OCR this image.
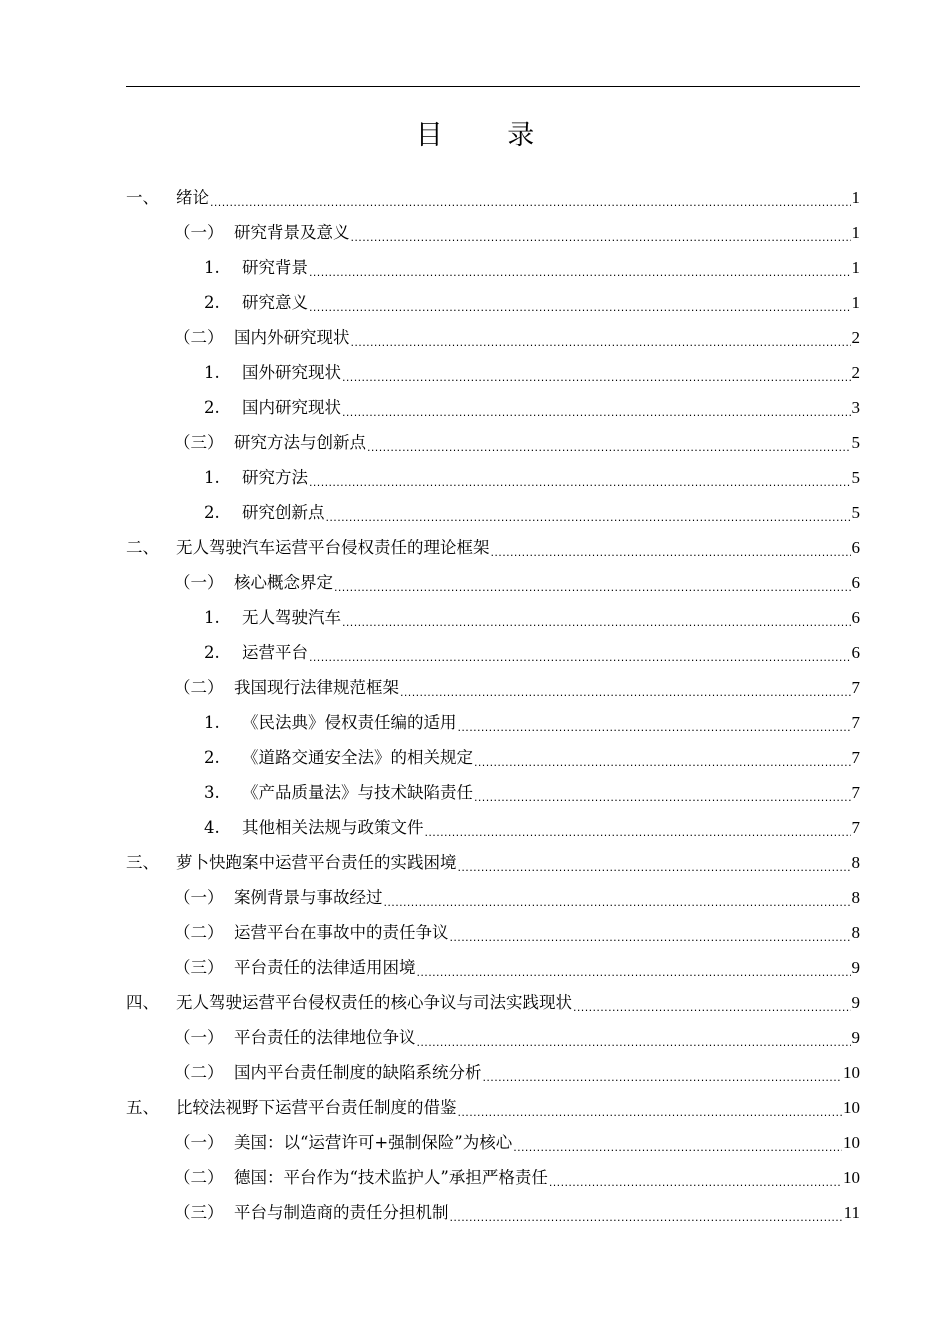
目 录
一、	绪论 .....	1
（一） 研究背景及意义 .....	1
1.	研究背景 .....	1
2.	研究意义 .....	1
（二） 国内外研究现状 .....	2
1.	国外研究现状 .....	2
2.	国内研究现状 .....	3
（三） 研究方法与创新点 .....	5
1.	研究方法 .....	5
2.	研究创新点 .....	5
二、	无人驾驶汽车运营平台侵权责任的理论框架 .....	6
（一） 核心概念界定 .....	6
1.	无人驾驶汽车 .....	6
2.	运营平台 .....	6
（二） 我国现行法律规范框架 .....	7
1.	《民法典》侵权责任编的适用 .....	7
2.	《道路交通安全法》的相关规定 .....	7
3.	《产品质量法》与技术缺陷责任 .....	7
4.	其他相关法规与政策文件 .....	7
三、	萝卜快跑案中运营平台责任的实践困境 .....	8
（一） 案例背景与事故经过 .....	8
（二） 运营平台在事故中的责任争议 .....	8
（三） 平台责任的法律适用困境 .....	9
四、	无人驾驶运营平台侵权责任的核心争议与司法实践现状 .....	9
（一） 平台责任的法律地位争议 .....	9
（二） 国内平台责任制度的缺陷系统分析 .....	10
五、	比较法视野下运营平台责任制度的借鉴 .....	10
（一） 美国：以“运营许可+强制保险”为核心 .....	10
（二） 德国：平台作为“技术监护人”承担严格责任 .....	10
（三） 平台与制造商的责任分担机制 .....	11
